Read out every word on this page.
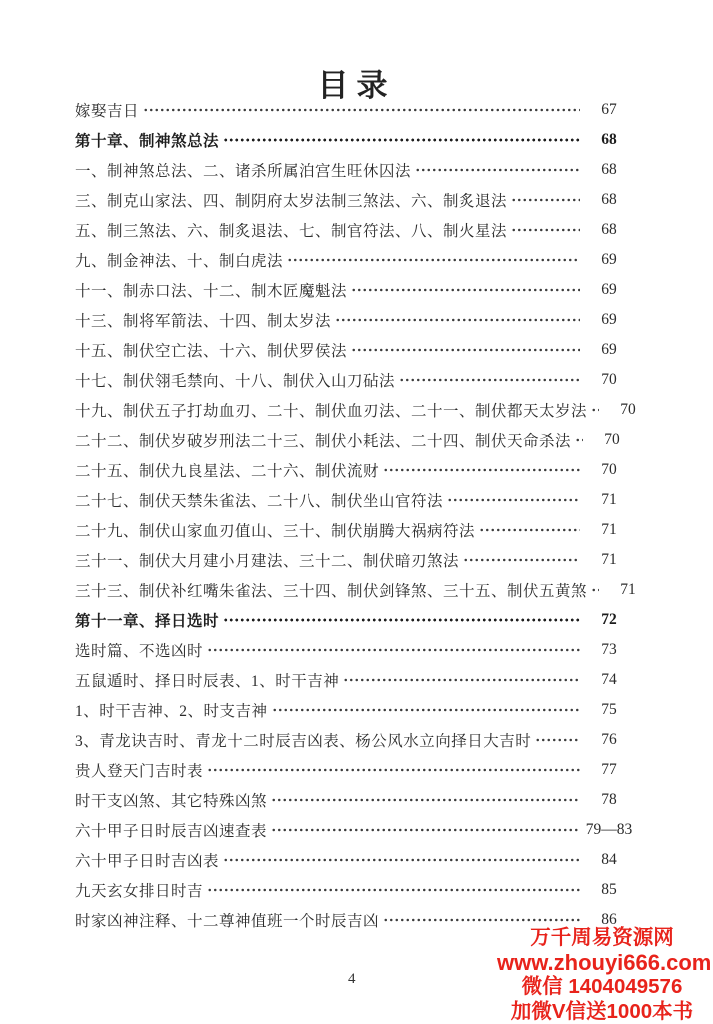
目录
嫁娶吉日	67
第十章、制神煞总法	68
一、制神煞总法、二、诸杀所属泊宫生旺休囚法	68
三、制克山家法、四、制阴府太岁法制三煞法、六、制炙退法	68
五、制三煞法、六、制炙退法、七、制官符法、八、制火星法	68
九、制金神法、十、制白虎法	69
十一、制赤口法、十二、制木匠魔魁法	69
十三、制将军箭法、十四、制太岁法	69
十五、制伏空亡法、十六、制伏罗侯法	69
十七、制伏翎毛禁向、十八、制伏入山刀砧法	70
十九、制伏五子打劫血刃、二十、制伏血刃法、二十一、制伏都天太岁法	70
二十二、制伏岁破岁刑法二十三、制伏小耗法、二十四、制伏天命杀法	70
二十五、制伏九良星法、二十六、制伏流财	70
二十七、制伏天禁朱雀法、二十八、制伏坐山官符法	71
二十九、制伏山家血刃值山、三十、制伏崩腾大祸病符法	71
三十一、制伏大月建小月建法、三十二、制伏暗刃煞法	71
三十三、制伏补红嘴朱雀法、三十四、制伏剑锋煞、三十五、制伏五黄煞	71
第十一章、择日选时	72
选时篇、不选凶时	73
五鼠遁时、择日时辰表、1、时干吉神	74
1、时干吉神、2、时支吉神	75
3、青龙诀吉时、青龙十二时辰吉凶表、杨公风水立向择日大吉时	76
贵人登天门吉时表	77
时干支凶煞、其它特殊凶煞	78
六十甲子日时辰吉凶速查表	79—83
六十甲子日时吉凶表	84
九天玄女排日时吉	85
时家凶神注释、十二尊神值班一个时辰吉凶	86
4
万千周易资源网
www.zhouyi666.com
微信 1404049576
加微V信送1000本书
